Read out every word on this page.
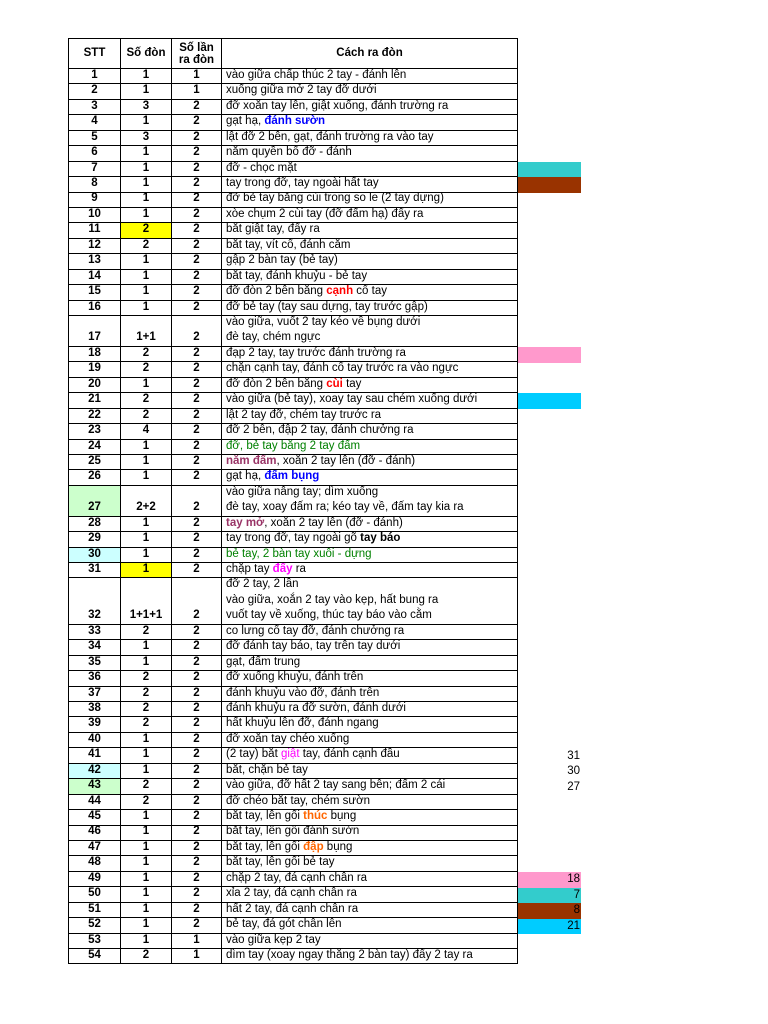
STT	Số đòn	Số lần
ra đòn
Cách ra đòn
1	1	1	vào giữa chấp thúc 2 tay - đánh lên
2	1	1	xuống giữa mở 2 tay đỡ dưới
3	3	2	đỡ xoắn tay lên, giật xuống, đánh trường ra
4	1	2	gạt hạ, đánh sườn
5	3	2	lật đỡ 2 bên, gạt, đánh trường ra vào tay
6	1	2	nắm quyền bổ đỡ - đánh
7	1	2	đỡ - chọc mặt
8	1	2	tay trong đỡ, tay ngoài hất tay
9	1	2	đỡ bẻ tay bằng cùi trong so le (2 tay dựng)
10	1	2	xòe chụm 2 cùi tay (đỡ đấm hạ) đẩy ra
11	2	2	bắt giật tay, đẩy ra
12	2	2	bắt tay, vít cổ, đánh cằm
13	1	2	gập 2 bàn tay (bẻ tay)
14	1	2	bắt tay, đánh khuỷu - bẻ tay
15	1	2	đỡ đòn 2 bên bằng cạnh cổ tay
16	1	2	đỡ bẻ tay (tay sau dựng, tay trước gập)
17	1+1	2
vào giữa, vuốt 2 tay kéo về bụng dưới
đè tay, chém ngực
18	2	2	đạp 2 tay, tay trước đánh trường ra
19	2	2	chặn cạnh tay, đánh cổ tay trước ra vào ngực
20	1	2	đỡ đòn 2 bên bằng cùi tay
21	2	2	vào giữa (bẻ tay), xoay tay sau chém xuống dưới
22	2	2	lật 2 tay đỡ, chém tay trước ra
23	4	2	đỡ 2 bên, đập 2 tay, đánh chưởng ra
24	1	2	đỡ, bẻ tay bằng 2 tay đấm
25	1	2	nắm đấm, xoắn 2 tay lên (đỡ - đánh)
26	1	2	gạt hạ, đấm bụng
27	2+2	2
vào giữa nâng tay; dìm xuống
đè tay, xoay đấm ra; kéo tay về, đấm tay kia ra
28	1	2	tay mở, xoắn 2 tay lên (đỡ - đánh)
29	1	2	tay trong đỡ, tay ngoài gõ tay báo
30	1	2	bẻ tay, 2 bàn tay xuôi - dựng
31	1	2	chặp tay đẩy ra
32	1+1+1	2
đỡ 2 tay, 2 lần
vào giữa, xoắn 2 tay vào kẹp, hất bung ra
vuốt tay về xuống, thúc tay báo vào cằm
33	2	2	co lưng cổ tay đỡ, đánh chưởng ra
34	1	2	đỡ đánh tay báo, tay trên tay dưới
35	1	2	gạt, đấm trung
36	2	2	đỡ xuống khuỷu, đánh trên
37	2	2	đánh khuỷu vào đỡ, đánh trên
38	2	2	đánh khuỷu ra đỡ sườn, đánh dưới
39	2	2	hất khuỷu lên đỡ, đánh ngang
40	1	2	đỡ xoắn tay chéo xuống
41	1	2	(2 tay) bắt giật tay, đánh cạnh đầu
42	1	2	bắt, chặn bẻ tay
43	2	2	vào giữa, đỡ hất 2 tay sang bên; đấm 2 cái
44	2	2	đỡ chéo bắt tay, chém sườn
45	1	2	bắt tay, lên gối thúc bụng
46	1	2	bắt tay, lên gối đánh sườn
47	1	2	bắt tay, lên gối đập bụng
48	1	2	bắt tay, lên gối bẻ tay
49	1	2	chặp 2 tay, đá cạnh chân ra
50	1	2	xỉa 2 tay, đá cạnh chân ra
51	1	2	hất 2 tay, đá cạnh chân ra
52	1	2	bẻ tay, đá gót chân lên
53	1	1	vào giữa kẹp 2 tay
54	2	1	dìm tay (xoay ngay thẳng 2 bàn tay) đẩy 2 tay ra
31
30
27
18
7
8
21
